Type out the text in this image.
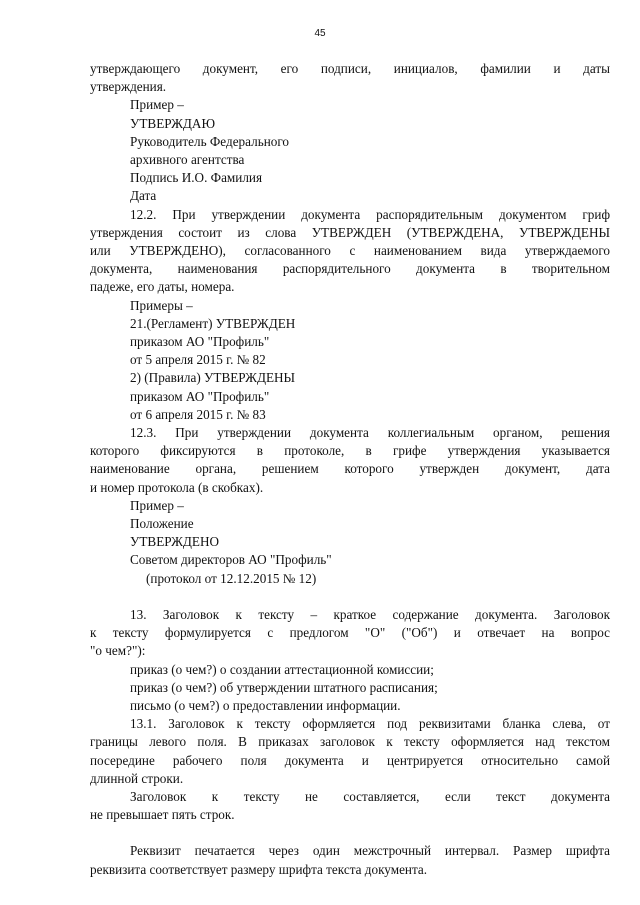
45

утверждающего документ, его подписи, инициалов, фамилии и даты

утверждения.

Пример –

УТВЕРЖДАЮ

Руководитель Федерального

архивного агентства

Подпись И.О. Фамилия

Дата

12.2. При утверждении документа распорядительным документом гриф

утверждения состоит из слова УТВЕРЖДЕН (УТВЕРЖДЕНА, УТВЕРЖДЕНЫ

или УТВЕРЖДЕНО), согласованного с наименованием вида утверждаемого

документа, наименования распорядительного документа в творительном

падеже, его даты, номера.

Примеры –

21.(Регламент) УТВЕРЖДЕН

приказом АО "Профиль"

от 5 апреля 2015 г. № 82

2) (Правила) УТВЕРЖДЕНЫ

приказом АО "Профиль"

от 6 апреля 2015 г. № 83

12.3. При утверждении документа коллегиальным органом, решения

которого фиксируются в протоколе, в грифе утверждения указывается

наименование органа, решением которого утвержден документ, дата

и номер протокола (в скобках).

Пример –

Положение

УТВЕРЖДЕНО

Советом директоров АО "Профиль"

(протокол от 12.12.2015 № 12)

13. Заголовок к тексту – краткое содержание документа. Заголовок

к тексту формулируется с предлогом "О" ("Об") и отвечает на вопрос

"о чем?"):

приказ (о чем?) о создании аттестационной комиссии;

приказ (о чем?) об утверждении штатного расписания;

письмо (о чем?) о предоставлении информации.

13.1. Заголовок к тексту оформляется под реквизитами бланка слева, от

границы левого поля. В приказах заголовок к тексту оформляется над текстом

посередине рабочего поля документа и центрируется относительно самой

длинной строки.

Заголовок к тексту не составляется, если текст документа

не превышает пять строк.

Реквизит печатается через один межстрочный интервал. Размер шрифта

реквизита соответствует размеру шрифта текста документа.
